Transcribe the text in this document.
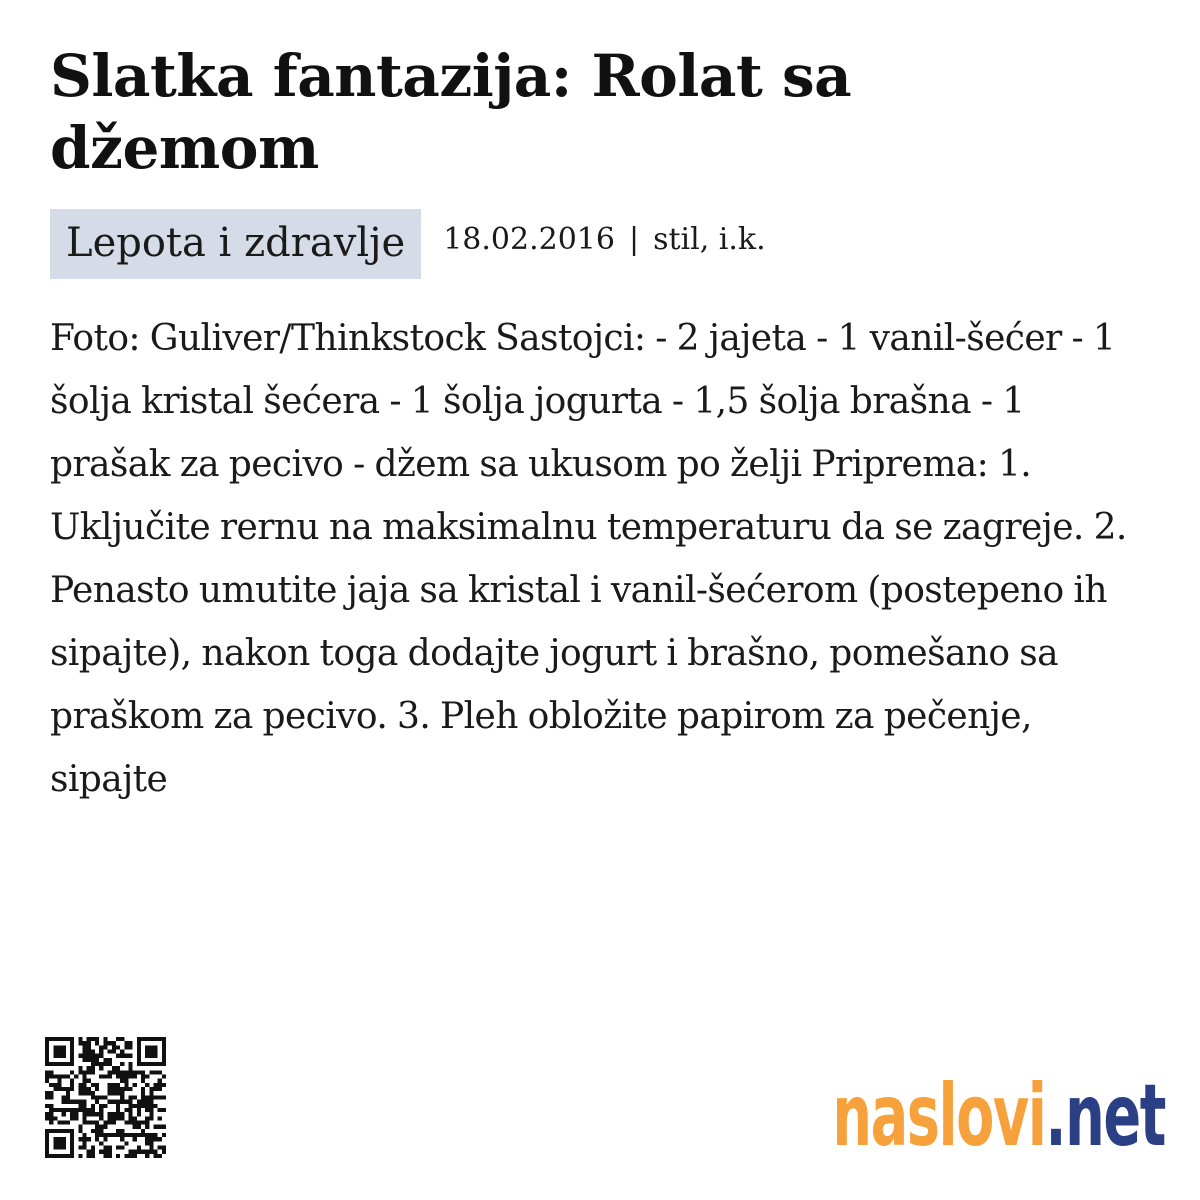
Slatka fantazija: Rolat sa džemom
Lepota i zdravlje	18.02.2016 | stil, i.k.

Foto: Guliver/Thinkstock Sastojci: - 2 jajeta - 1 vanil-šećer - 1 šolja kristal šećera - 1 šolja jogurta - 1,5 šolja brašna - 1 prašak za pecivo - džem sa ukusom po želji Priprema: 1. Uključite rernu na maksimalnu temperaturu da se zagreje. 2. Penasto umutite jaja sa kristal i vanil-šećerom (postepeno ih sipajte), nakon toga dodajte jogurt i brašno, pomešano sa praškom za pecivo. 3. Pleh obložite papirom za pečenje, sipajte

naslovi.net
